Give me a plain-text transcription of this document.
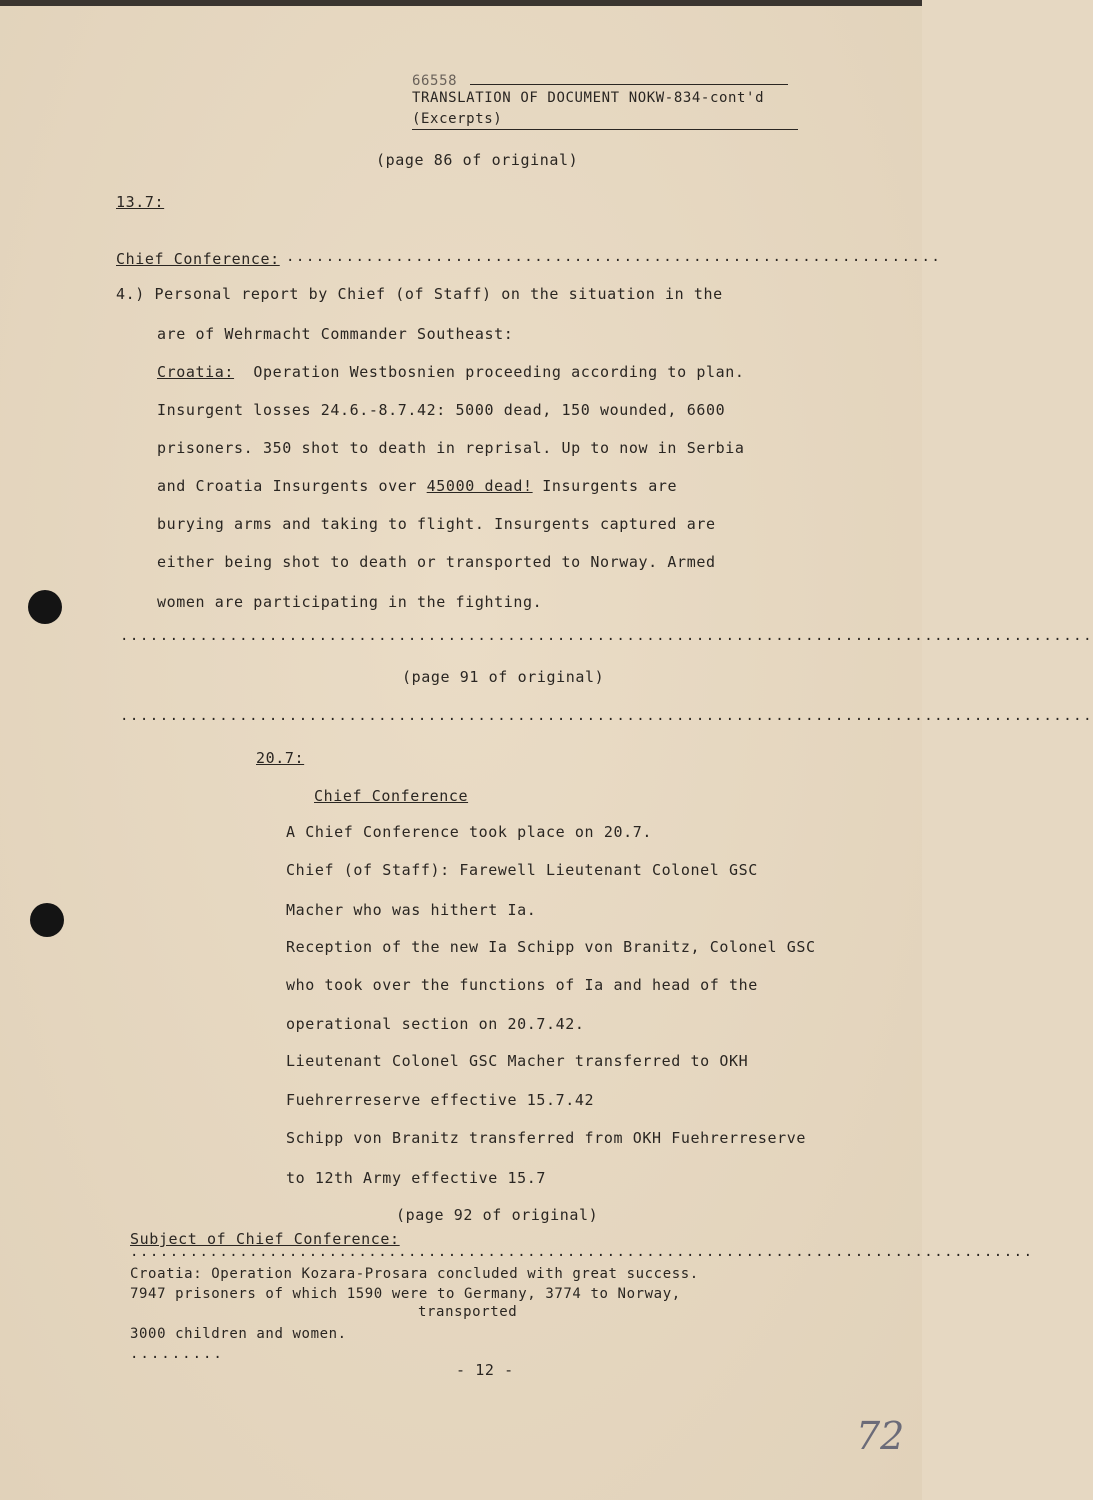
66558
TRANSLATION OF DOCUMENT NOKW-834-cont'd
(Excerpts)
(page 86 of original)
13.7:
Chief Conference: ..................................................................
4.) Personal report by Chief (of Staff) on the situation in the
are of Wehrmacht Commander Southeast:
Croatia: Operation Westbosnien proceeding according to plan.
Insurgent losses 24.6.-8.7.42: 5000 dead, 150 wounded, 6600
prisoners. 350 shot to death in reprisal. Up to now in Serbia
and Croatia Insurgents over 45000 dead! Insurgents are
burying arms and taking to flight. Insurgents captured are
either being shot to death or transported to Norway. Armed
women are participating in the fighting.
..................................................................................................
(page 91 of original)
..................................................................................................
20.7:
Chief Conference
A Chief Conference took place on 20.7.
Chief (of Staff): Farewell Lieutenant Colonel GSC
Macher who was hithert Ia.
Reception of the new Ia Schipp von Branitz, Colonel GSC
who took over the functions of Ia and head of the
operational section on 20.7.42.
Lieutenant Colonel GSC Macher transferred to OKH
Fuehrerreserve effective 15.7.42
Schipp von Branitz transferred from OKH Fuehrerreserve
to 12th Army effective 15.7
(page 92 of original)
Subject of Chief Conference:
...........................................................................................
Croatia: Operation Kozara-Prosara concluded with great success.
7947 prisoners of which 1590 were to Germany, 3774 to Norway,
transported
3000 children and women.
.........
- 12 -
72
